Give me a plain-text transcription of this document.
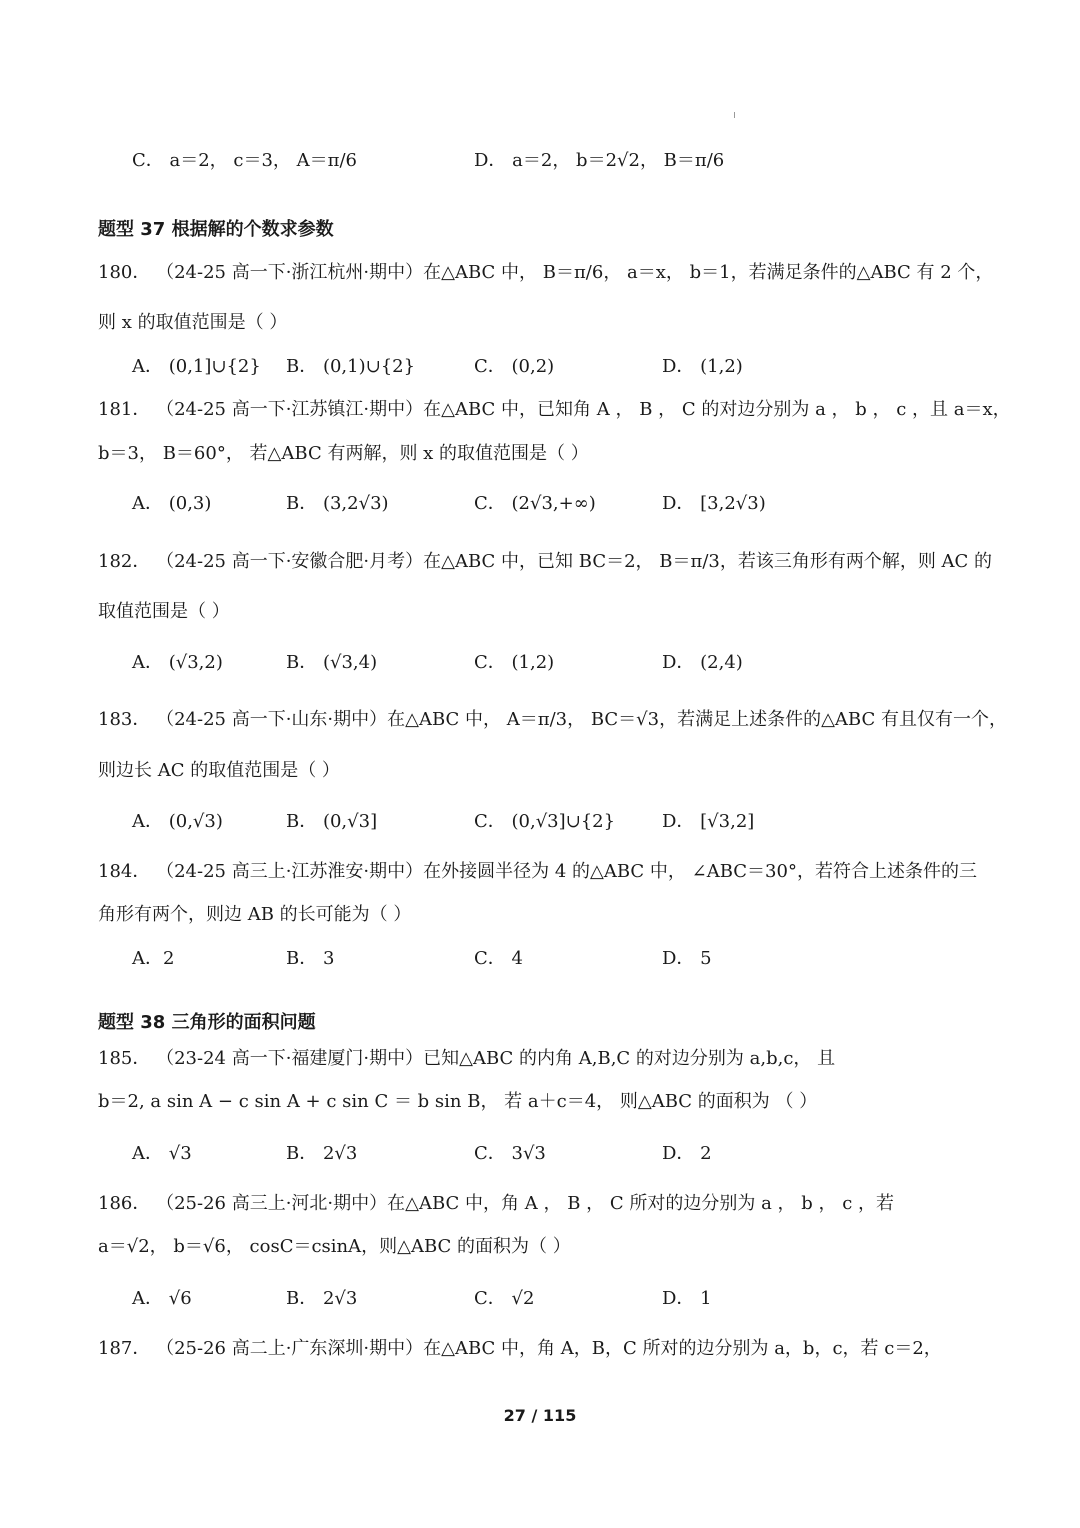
C． a＝2， c＝3， A＝π/6	D． a＝2， b＝2√2， B＝π/6
题型 37 根据解的个数求参数
180． （24-25 高一下·浙江杭州·期中）在△ABC 中， B＝π/6， a＝x， b＝1，若满足条件的△ABC 有 2 个，
则 x 的取值范围是（ ）
A． (0,1]∪{2} B． (0,1)∪{2}	C． (0,2)	D． (1,2)
181． （24-25 高一下·江苏镇江·期中）在△ABC 中，已知角 A ， B ， C 的对边分别为 a ， b ， c ，且 a＝x，
b＝3， B＝60°， 若△ABC 有两解，则 x 的取值范围是（ ）
A． (0,3)	B． (3,2√3)	C． (2√3,+∞)	D． [3,2√3)
182． （24-25 高一下·安徽合肥·月考）在△ABC 中，已知 BC＝2， B＝π/3，若该三角形有两个解，则 AC 的
取值范围是（ ）
A． (√3,2)	B． (√3,4)	C． (1,2)	D． (2,4)
183． （24-25 高一下·山东·期中）在△ABC 中， A＝π/3， BC＝√3，若满足上述条件的△ABC 有且仅有一个，
则边长 AC 的取值范围是（ ）
A． (0,√3)	B． (0,√3]	C． (0,√3]∪{2}	D． [√3,2]
184． （24-25 高三上·江苏淮安·期中）在外接圆半径为 4 的△ABC 中， ∠ABC＝30°，若符合上述条件的三
角形有两个，则边 AB 的长可能为（ ）
A．2	B． 3	C． 4	D． 5
题型 38 三角形的面积问题
185． （23-24 高一下·福建厦门·期中）已知△ABC 的内角 A,B,C 的对边分别为 a,b,c， 且
b＝2, a sin A − c sin A + c sin C ＝ b sin B， 若 a＋c＝4， 则△ABC 的面积为 （ ）
A． √3	B． 2√3	C． 3√3	D． 2
186． （25-26 高三上·河北·期中）在△ABC 中，角 A ， B ， C 所对的边分别为 a ， b ， c ，若
a＝√2， b＝√6， cosC＝csinA，则△ABC 的面积为（ ）
A． √6	B． 2√3	C． √2	D． 1
187． （25-26 高二上·广东深圳·期中）在△ABC 中，角 A，B，C 所对的边分别为 a，b，c，若 c＝2，
27 / 115
